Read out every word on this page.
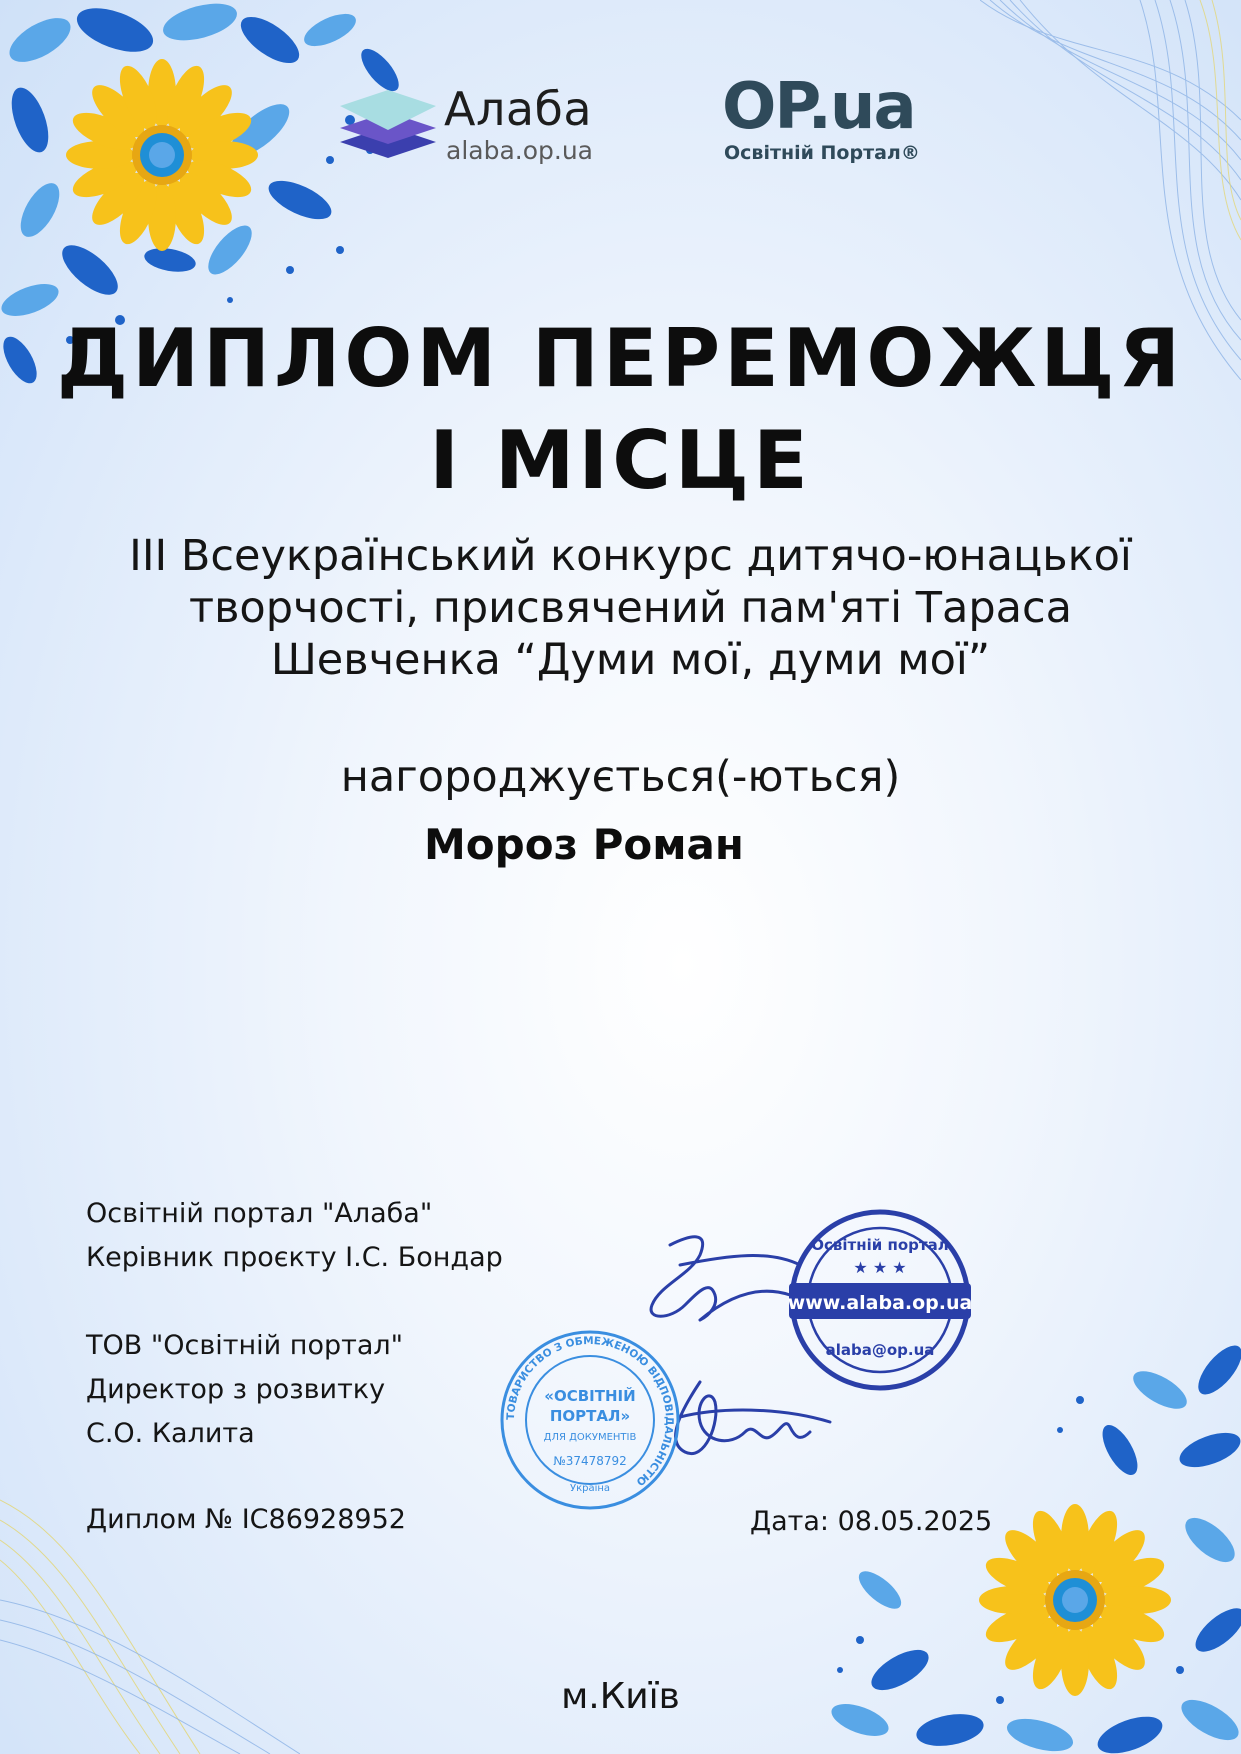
Алаба
alaba.op.ua
OP.ua
Освітній Портал®
ДИПЛОМ ПЕРЕМОЖЦЯ
І МІСЦЕ
ІІІ Всеукраїнський конкурс дитячо-юнацької
творчості, присвячений пам'яті Тараса
Шевченка “Думи мої, думи мої”
нагороджується(-ються)
Мороз Роман
Освітній портал "Алаба"
Керівник проєкту І.С. Бондар
ТОВ "Освітній портал"
Директор з розвитку
С.О. Калита
Диплом № IC86928952	Дата: 08.05.2025
www.alaba.op.ua
Освітній портал
★ ★ ★
alaba@op.ua
ТОВАРИСТВО З ОБМЕЖЕНОЮ ВІДПОВІДАЛЬНІСТЮ
«ОСВІТНІЙ
ПОРТАЛ»
ДЛЯ ДОКУМЕНТІВ
№37478792
Україна
м.Київ
